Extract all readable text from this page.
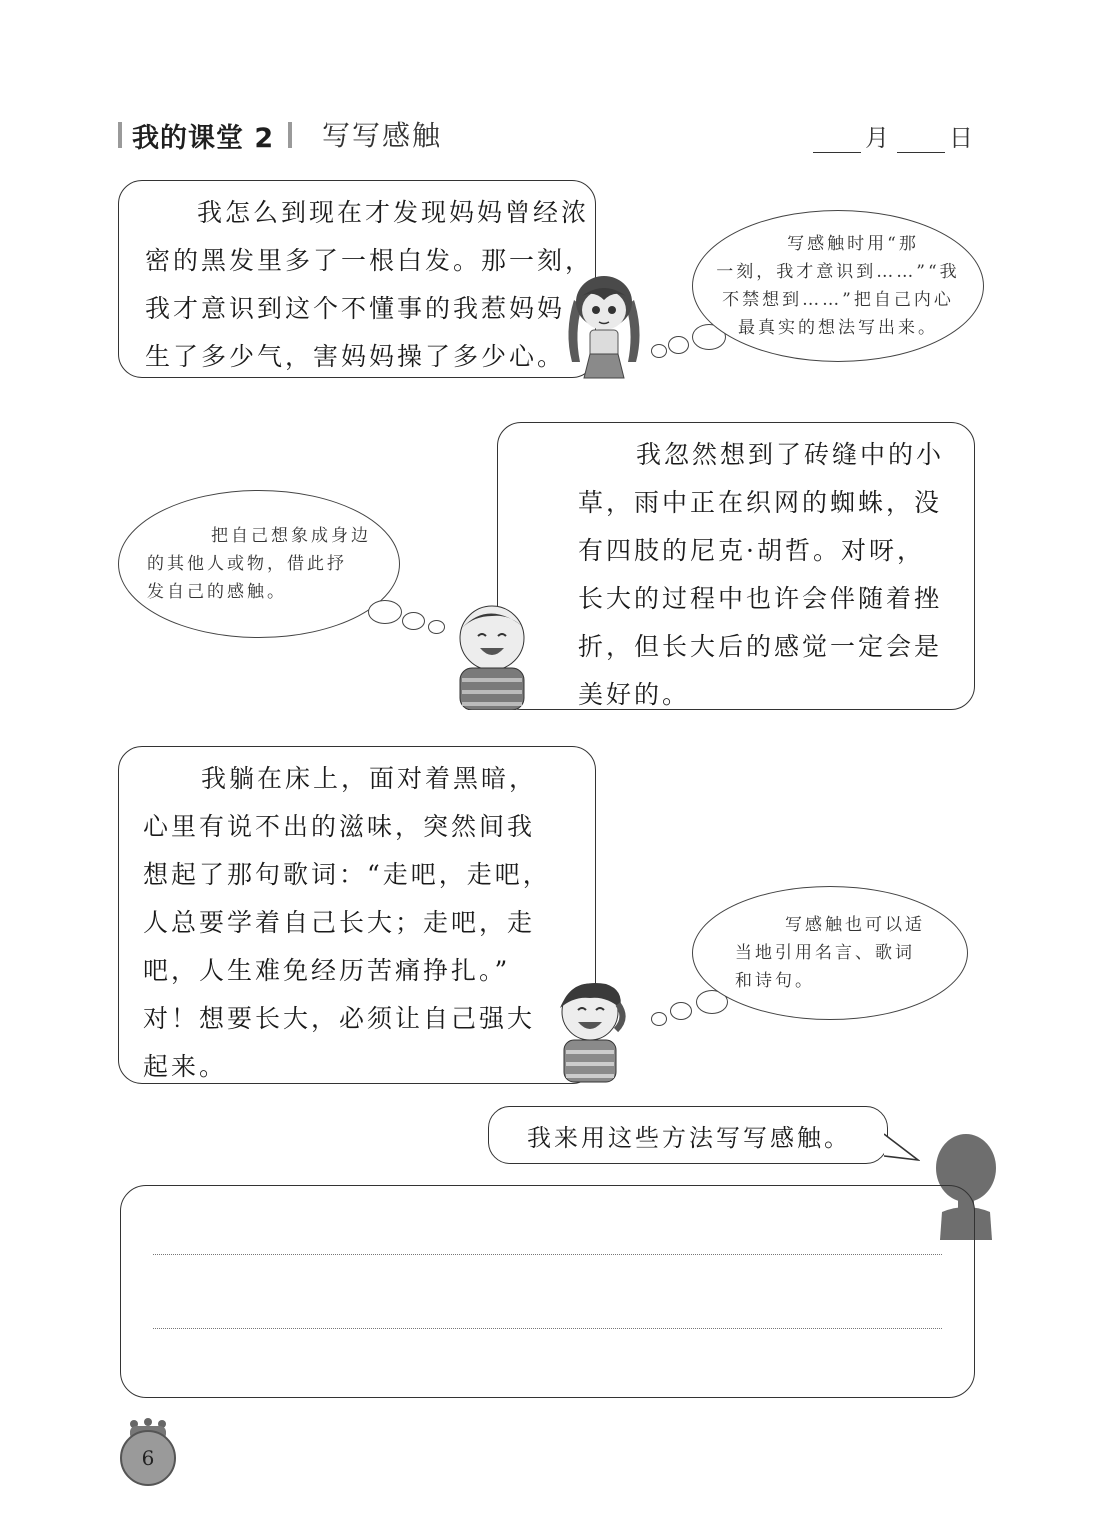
我的课堂 2 写写感触	月	日
我怎么到现在才发现妈妈曾经浓
密的黑发里多了一根白发。那一刻，
我才意识到这个不懂事的我惹妈妈
生了多少气，害妈妈操了多少心。
写感触时用“那
一刻，我才意识到……”“我
不禁想到……”把自己内心
最真实的想法写出来。
我忽然想到了砖缝中的小
草，雨中正在织网的蜘蛛，没
有四肢的尼克·胡哲。对呀，
长大的过程中也许会伴随着挫
折，但长大后的感觉一定会是
美好的。
把自己想象成身边
的其他人或物，借此抒
发自己的感触。
我躺在床上，面对着黑暗，
心里有说不出的滋味，突然间我
想起了那句歌词：“走吧，走吧，
人总要学着自己长大；走吧，走
吧，人生难免经历苦痛挣扎。”
对！想要长大，必须让自己强大
起来。
写感触也可以适
当地引用名言、歌词
和诗句。
我来用这些方法写写感触。
6
